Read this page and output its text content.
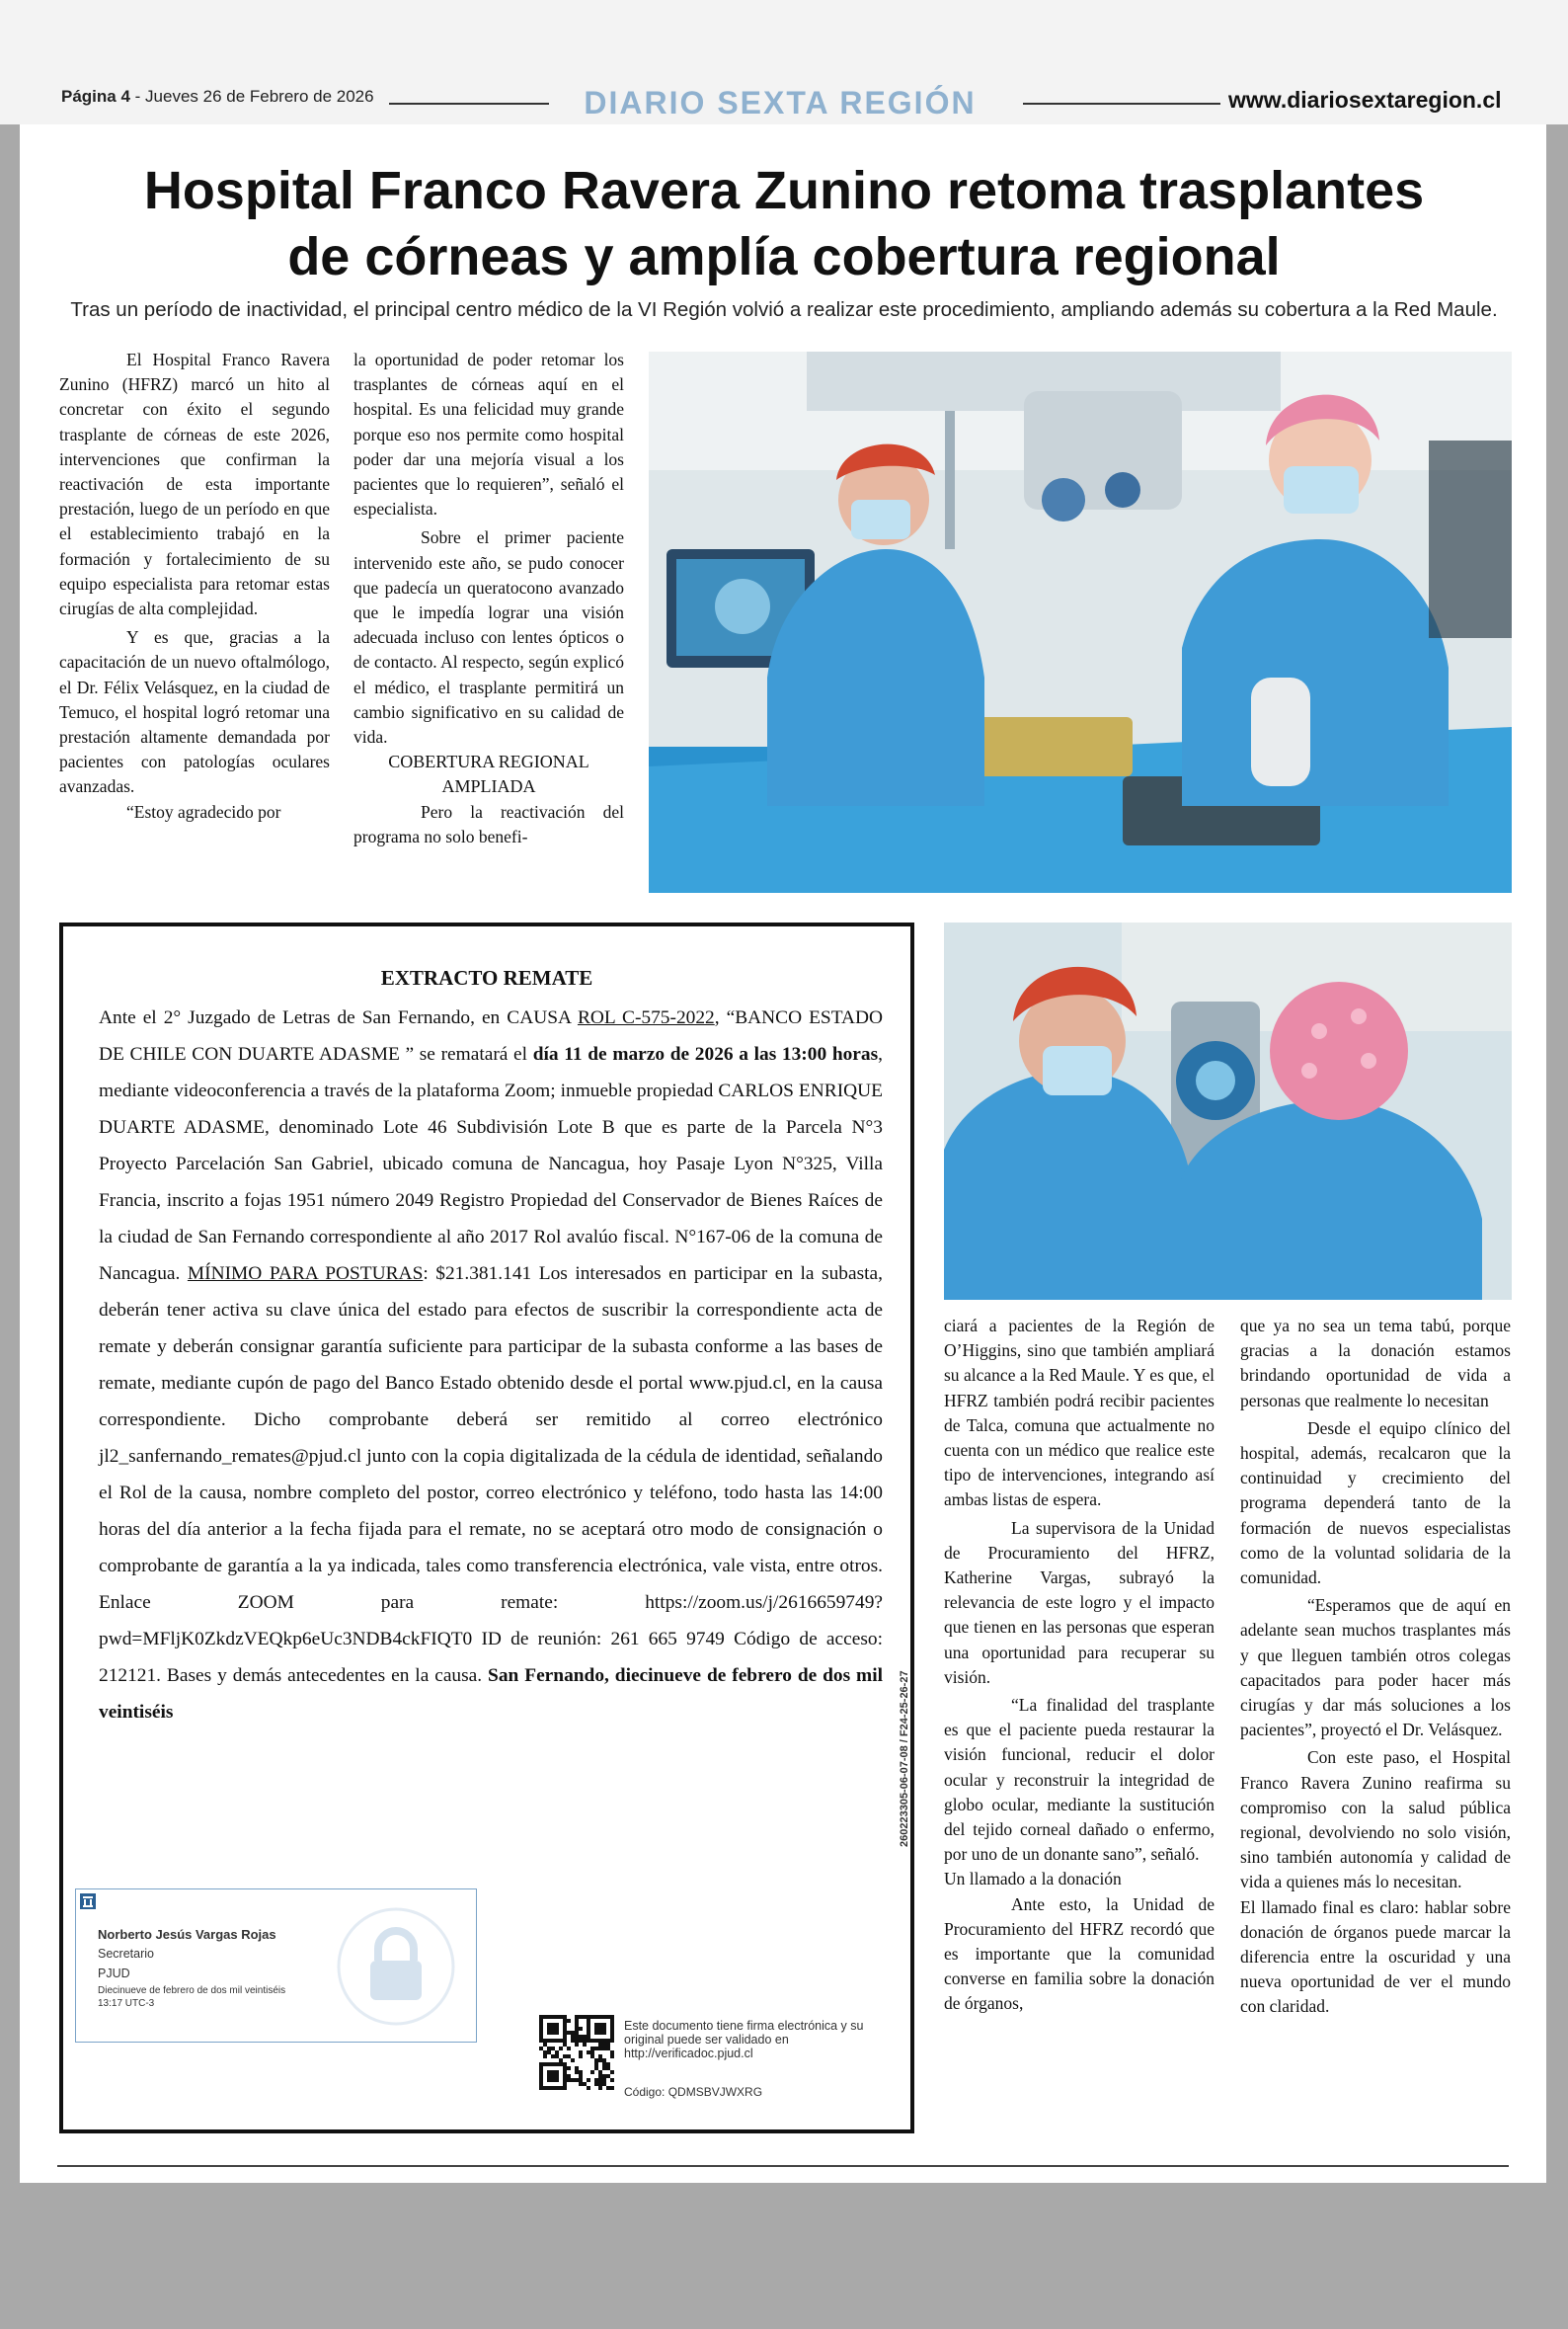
Página 4 - Jueves 26 de Febrero de 2026	DIARIO SEXTA REGIÓN	www.diariosextaregion.cl
Hospital Franco Ravera Zunino retoma trasplantes
de córneas y amplía cobertura regional
Tras un período de inactividad, el principal centro médico de la VI Región volvió a realizar este procedimiento, ampliando además su cobertura a la Red Maule.

El Hospital Franco Ravera Zunino (HFRZ) marcó un hito al concretar con éxito el segundo trasplante de córneas de este 2026, intervenciones que confirman la reactivación de esta importante prestación, luego de un período en que el establecimiento trabajó en la formación y fortalecimiento de su equipo especialista para retomar estas cirugías de alta complejidad.

Y es que, gracias a la capacitación de un nuevo oftalmólogo, el Dr. Félix Velásquez, en la ciudad de Temuco, el hospital logró retomar una prestación altamente demandada por pacientes con patologías oculares avanzadas.

“Estoy agradecido por

la oportunidad de poder retomar los trasplantes de córneas aquí en el hospital. Es una felicidad muy grande porque eso nos permite como hospital poder dar una mejoría visual a los pacientes que lo requieren”, señaló el especialista.

Sobre el primer paciente intervenido este año, se pudo conocer que padecía un queratocono avanzado que le impedía lograr una visión adecuada incluso con lentes ópticos o de contacto. Al respecto, según explicó el médico, el trasplante permitirá un cambio significativo en su calidad de vida.

COBERTURA REGIONAL

AMPLIADA

Pero la reactivación del programa no solo benefi-

EXTRACTO REMATE
Ante el 2° Juzgado de Letras de San Fernando, en CAUSA ROL C-575-2022, “BANCO ESTADO DE CHILE CON DUARTE ADASME ” se rematará el día 11 de marzo de 2026 a las 13:00 horas, mediante videoconferencia a través de la plataforma Zoom; inmueble propiedad CARLOS ENRIQUE DUARTE ADASME, denominado Lote 46 Subdivisión Lote B que es parte de la Parcela N°3 Proyecto Parcelación San Gabriel, ubicado comuna de Nancagua, hoy Pasaje Lyon N°325, Villa Francia, inscrito a fojas 1951 número 2049 Registro Propiedad del Conservador de Bienes Raíces de la ciudad de San Fernando correspondiente al año 2017 Rol avalúo fiscal. N°167-06 de la comuna de Nancagua. MÍNIMO PARA POSTURAS: $21.381.141 Los interesados en participar en la subasta, deberán tener activa su clave única del estado para efectos de suscribir la correspondiente acta de remate y deberán consignar garantía suficiente para participar de la subasta conforme a las bases de remate, mediante cupón de pago del Banco Estado obtenido desde el portal www.pjud.cl, en la causa correspondiente. Dicho comprobante deberá ser remitido al correo electrónico jl2_sanfernando_remates@pjud.cl junto con la copia digitalizada de la cédula de identidad, señalando el Rol de la causa, nombre completo del postor, correo electrónico y teléfono, todo hasta las 14:00 horas del día anterior a la fecha fijada para el remate, no se aceptará otro modo de consignación o comprobante de garantía a la ya indicada, tales como transferencia electrónica, vale vista, entre otros. Enlace ZOOM para remate: https://zoom.us/j/2616659749?pwd=MFljK0ZkdzVEQkp6eUc3NDB4ckFIQT0 ID de reunión: 261 665 9749 Código de acceso: 212121. Bases y demás antecedentes en la causa. San Fernando, diecinueve de febrero de dos mil veintiséis
Norberto Jesús Vargas Rojas
Secretario
PJUD
Diecinueve de febrero de dos mil veintiséis
13:17 UTC-3
Este documento tiene firma electrónica y su original puede ser validado en http://verificadoc.pjud.cl
Código: QDMSBVJWXRG
260223305-06-07-08 / F24-25-26-27

ciará a pacientes de la Región de O’Higgins, sino que también ampliará su alcance a la Red Maule. Y es que, el HFRZ también podrá recibir pacientes de Talca, comuna que actualmente no cuenta con un médico que realice este tipo de intervenciones, integrando así ambas listas de espera.

La supervisora de la Unidad de Procuramiento del HFRZ, Katherine Vargas, subrayó la relevancia de este logro y el impacto que tienen en las personas que esperan una oportunidad para recuperar su visión.

“La finalidad del trasplante es que el paciente pueda restaurar la visión funcional, reducir el dolor ocular y reconstruir la integridad de globo ocular, mediante la sustitución del tejido corneal dañado o enfermo, por uno de un donante sano”, señaló.

Un llamado a la donación

Ante esto, la Unidad de Procuramiento del HFRZ recordó que es importante que la comunidad converse en familia sobre la donación de órganos,

que ya no sea un tema tabú, porque gracias a la donación estamos brindando oportunidad de vida a personas que realmente lo necesitan

Desde el equipo clínico del hospital, además, recalcaron que la continuidad y crecimiento del programa dependerá tanto de la formación de nuevos especialistas como de la voluntad solidaria de la comunidad.

“Esperamos que de aquí en adelante sean muchos trasplantes más y que lleguen también otros colegas capacitados para poder hacer más cirugías y dar más soluciones a los pacientes”, proyectó el Dr. Velásquez.

Con este paso, el Hospital Franco Ravera Zunino reafirma su compromiso con la salud pública regional, devolviendo no solo visión, sino también autonomía y calidad de vida a quienes más lo necesitan.

El llamado final es claro: hablar sobre donación de órganos puede marcar la diferencia entre la oscuridad y una nueva oportunidad de ver el mundo con claridad.
